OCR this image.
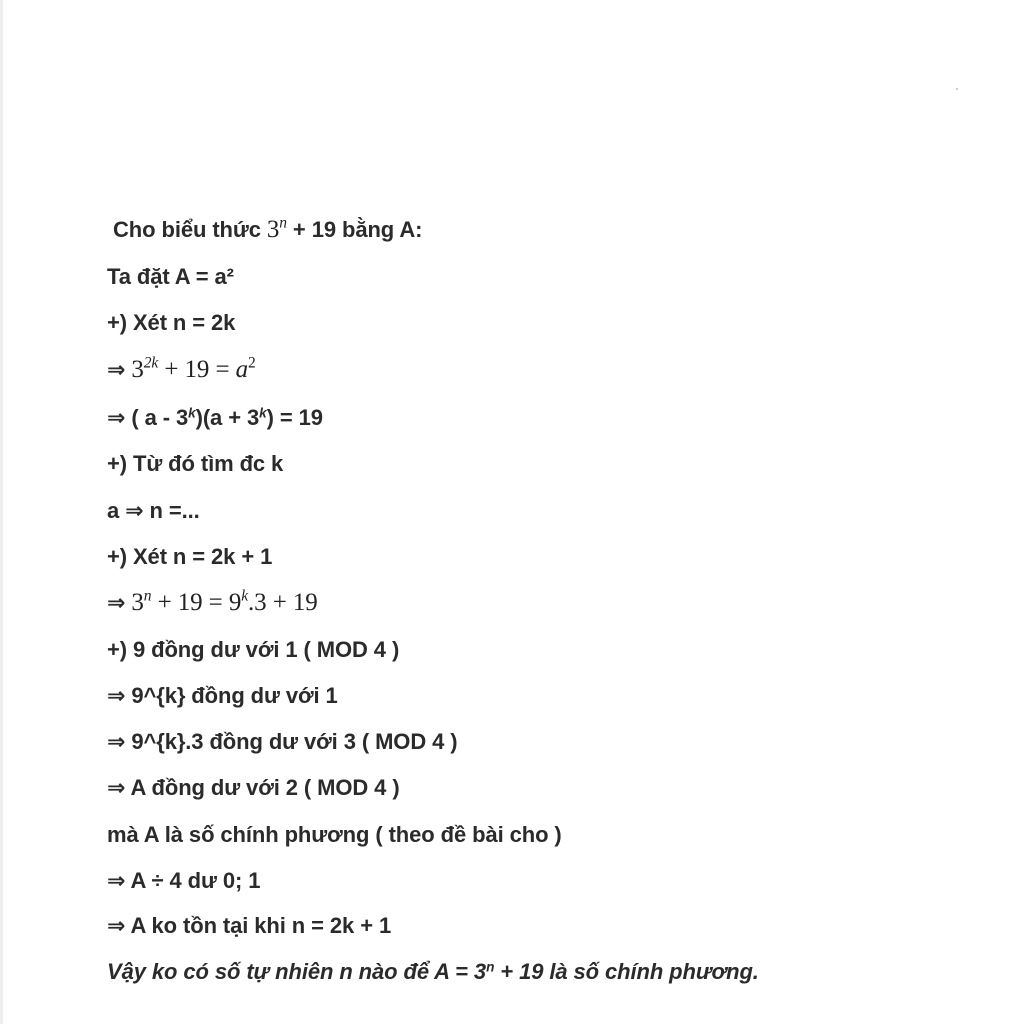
Cho biểu thức $3^n + 19$ bằng A:
Ta đặt A = a²
+) Xét n = 2k
⇒ $3^{2k} + 19 = a^2$
⇒ ( $a - 3^k)(a + 3^k) = 19$
+) Từ đó tìm đc k
a ⇒ n =...
+) Xét n = 2k + 1
⇒ $3^n + 19 = 9^k.3 + 19$
+) 9 đồng dư với 1 ( MOD 4 )
⇒ 9^{k} đồng dư với 1
⇒ 9^{k}.3 đồng dư với 3 ( MOD 4 )
⇒ A đồng dư với 2 ( MOD 4 )
mà A là số chính phương ( theo đề bài cho )
⇒ A ÷ 4 dư 0; 1
⇒ A ko tồn tại khi n = 2k + 1
Vậy ko có số tự nhiên n nào để $A = 3^n + 19$ là số chính phương.
